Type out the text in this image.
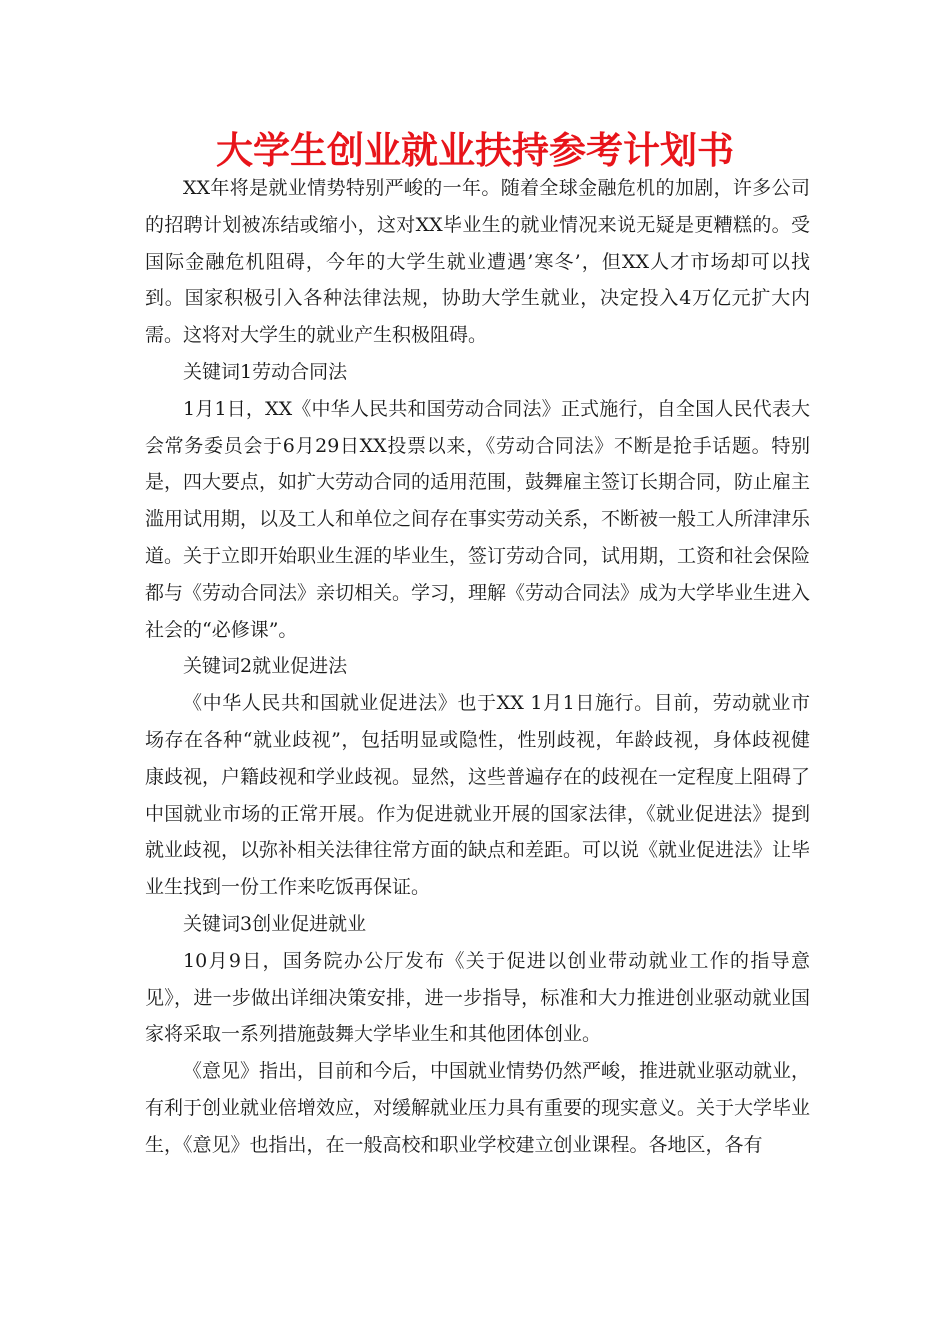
大学生创业就业扶持参考计划书

XX年将是就业情势特别严峻的一年。随着全球金融危机的加剧，许多公司的招聘计划被冻结或缩小，这对XX毕业生的就业情况来说无疑是更糟糕的。受国际金融危机阻碍，今年的大学生就业遭遇’寒冬’，但XX人才市场却可以找到。国家积极引入各种法律法规，协助大学生就业，决定投入4万亿元扩大内需。这将对大学生的就业产生积极阻碍。

关键词1劳动合同法

1月1日，XX《中华人民共和国劳动合同法》正式施行，自全国人民代表大会常务委员会于6月29日XX投票以来，《劳动合同法》不断是抢手话题。特别是，四大要点，如扩大劳动合同的适用范围，鼓舞雇主签订长期合同，防止雇主滥用试用期，以及工人和单位之间存在事实劳动关系，不断被一般工人所津津乐道。关于立即开始职业生涯的毕业生，签订劳动合同，试用期，工资和社会保险都与《劳动合同法》亲切相关。学习，理解《劳动合同法》成为大学毕业生进入社会的“必修课”。

关键词2就业促进法

《中华人民共和国就业促进法》也于XX 1月1日施行。目前，劳动就业市场存在各种“就业歧视”，包括明显或隐性，性别歧视，年龄歧视，身体歧视健康歧视，户籍歧视和学业歧视。显然，这些普遍存在的歧视在一定程度上阻碍了中国就业市场的正常开展。作为促进就业开展的国家法律，《就业促进法》提到就业歧视，以弥补相关法律往常方面的缺点和差距。可以说《就业促进法》让毕业生找到一份工作来吃饭再保证。

关键词3创业促进就业

10月9日，国务院办公厅发布《关于促进以创业带动就业工作的指导意见》，进一步做出详细决策安排，进一步指导，标准和大力推进创业驱动就业国家将采取一系列措施鼓舞大学毕业生和其他团体创业。

《意见》指出，目前和今后，中国就业情势仍然严峻，推进就业驱动就业，有利于创业就业倍增效应，对缓解就业压力具有重要的现实意义。关于大学毕业生，《意见》也指出，在一般高校和职业学校建立创业课程。各地区，各有
